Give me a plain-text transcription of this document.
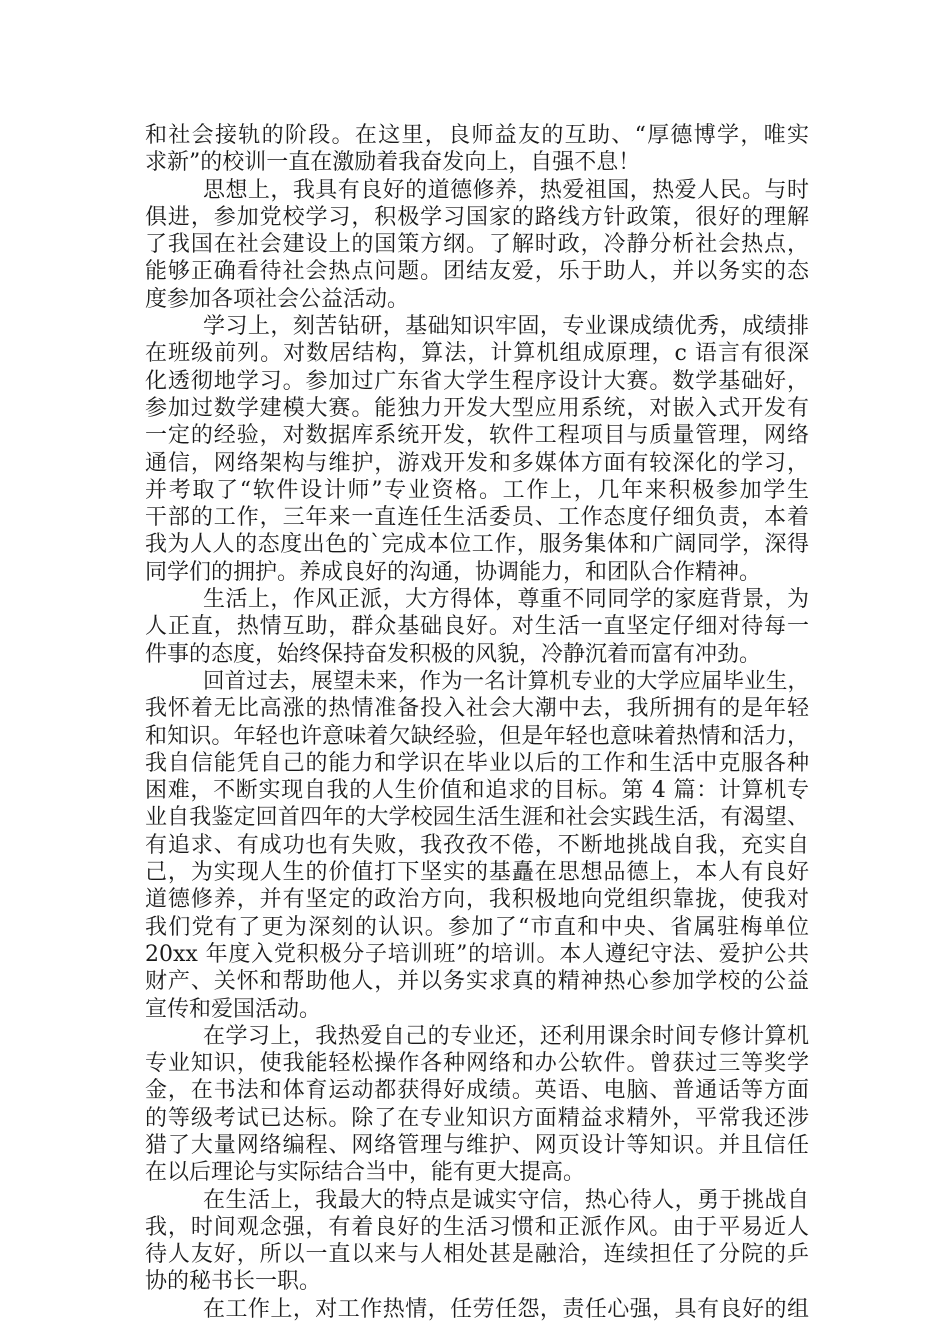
和社会接轨的阶段。在这里，良师益友的互助、“厚德博学，唯实
求新”的校训一直在激励着我奋发向上，自强不息！
思想上，我具有良好的道德修养，热爱祖国，热爱人民。与时
俱进，参加党校学习，积极学习国家的路线方针政策，很好的理解
了我国在社会建设上的国策方纲。了解时政，冷静分析社会热点，
能够正确看待社会热点问题。团结友爱，乐于助人，并以务实的态
度参加各项社会公益活动。
学习上，刻苦钻研，基础知识牢固，专业课成绩优秀，成绩排
在班级前列。对数居结构，算法，计算机组成原理，c 语言有很深
化透彻地学习。参加过广东省大学生程序设计大赛。数学基础好，
参加过数学建模大赛。能独力开发大型应用系统，对嵌入式开发有
一定的经验，对数据库系统开发，软件工程项目与质量管理，网络
通信，网络架构与维护，游戏开发和多媒体方面有较深化的学习，
并考取了“软件设计师”专业资格。工作上，几年来积极参加学生
干部的工作，三年来一直连任生活委员、工作态度仔细负责，本着
我为人人的态度出色的`完成本位工作，服务集体和广阔同学，深得
同学们的拥护。养成良好的沟通，协调能力，和团队合作精神。
生活上，作风正派，大方得体，尊重不同同学的家庭背景，为
人正直，热情互助，群众基础良好。对生活一直坚定仔细对待每一
件事的态度，始终保持奋发积极的风貌，冷静沉着而富有冲劲。
回首过去，展望未来，作为一名计算机专业的大学应届毕业生，
我怀着无比高涨的热情准备投入社会大潮中去，我所拥有的是年轻
和知识。年轻也许意味着欠缺经验，但是年轻也意味着热情和活力，
我自信能凭自己的能力和学识在毕业以后的工作和生活中克服各种
困难，不断实现自我的人生价值和追求的目标。第 4 篇：计算机专
业自我鉴定回首四年的大学校园生活生涯和社会实践生活，有渴望、
有追求、有成功也有失败，我孜孜不倦，不断地挑战自我，充实自
己，为实现人生的价值打下坚实的基矗在思想品德上，本人有良好
道德修养，并有坚定的政治方向，我积极地向党组织靠拢，使我对
我们党有了更为深刻的认识。参加了“市直和中央、省属驻梅单位
20xx 年度入党积极分子培训班”的培训。本人遵纪守法、爱护公共
财产、关怀和帮助他人，并以务实求真的精神热心参加学校的公益
宣传和爱国活动。
在学习上，我热爱自己的专业还，还利用课余时间专修计算机
专业知识，使我能轻松操作各种网络和办公软件。曾获过三等奖学
金，在书法和体育运动都获得好成绩。英语、电脑、普通话等方面
的等级考试已达标。除了在专业知识方面精益求精外，平常我还涉
猎了大量网络编程、网络管理与维护、网页设计等知识。并且信任
在以后理论与实际结合当中，能有更大提高。
在生活上，我最大的特点是诚实守信，热心待人，勇于挑战自
我，时间观念强，有着良好的生活习惯和正派作风。由于平易近人
待人友好，所以一直以来与人相处甚是融洽，连续担任了分院的乒
协的秘书长一职。
在工作上，对工作热情，任劳任怨，责任心强，具有良好的组
